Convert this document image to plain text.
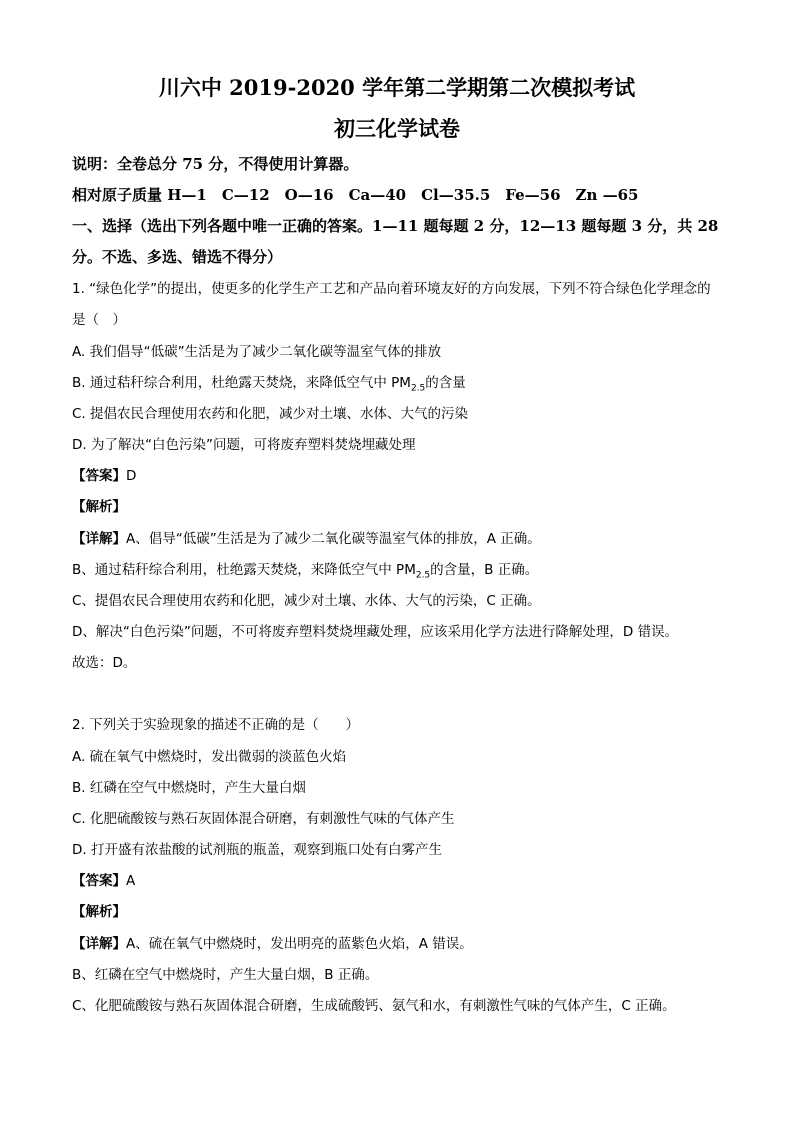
川六中 2019-2020 学年第二学期第二次模拟考试
初三化学试卷
说明：全卷总分 75 分，不得使用计算器。
相对原子质量 H—1　C—12　O—16　Ca—40　Cl—35.5　Fe—56　Zn —65
一、选择（选出下列各题中唯一正确的答案。1—11 题每题 2 分，12—13 题每题 3 分，共 28
分。不选、多选、错选不得分）
1. “绿色化学”的提出，使更多的化学生产工艺和产品向着环境友好的方向发展，下列不符合绿色化学理念的
是（　）
A. 我们倡导“低碳”生活是为了减少二氧化碳等温室气体的排放
B. 通过秸秆综合利用，杜绝露天焚烧，来降低空气中 $PM_{2.5}$的含量
C. 提倡农民合理使用农药和化肥，减少对土壤、水体、大气的污染
D. 为了解决“白色污染”问题，可将废弃塑料焚烧埋藏处理
【答案】D
【解析】
【详解】A、倡导“低碳”生活是为了减少二氧化碳等温室气体的排放，A 正确。
B、通过秸秆综合利用，杜绝露天焚烧，来降低空气中 $PM_{2.5}$的含量，B 正确。
C、提倡农民合理使用农药和化肥，减少对土壤、水体、大气的污染，C 正确。
D、解决“白色污染”问题，不可将废弃塑料焚烧埋藏处理，应该采用化学方法进行降解处理，D 错误。
故选：D。
2. 下列关于实验现象的描述不正确的是（　　）
A. 硫在氧气中燃烧时，发出微弱的淡蓝色火焰
B. 红磷在空气中燃烧时，产生大量白烟
C. 化肥硫酸铵与熟石灰固体混合研磨，有刺激性气味的气体产生
D. 打开盛有浓盐酸的试剂瓶的瓶盖，观察到瓶口处有白雾产生
【答案】A
【解析】
【详解】A、硫在氧气中燃烧时，发出明亮的蓝紫色火焰，A 错误。
B、红磷在空气中燃烧时，产生大量白烟，B 正确。
C、化肥硫酸铵与熟石灰固体混合研磨，生成硫酸钙、氨气和水，有刺激性气味的气体产生，C 正确。
